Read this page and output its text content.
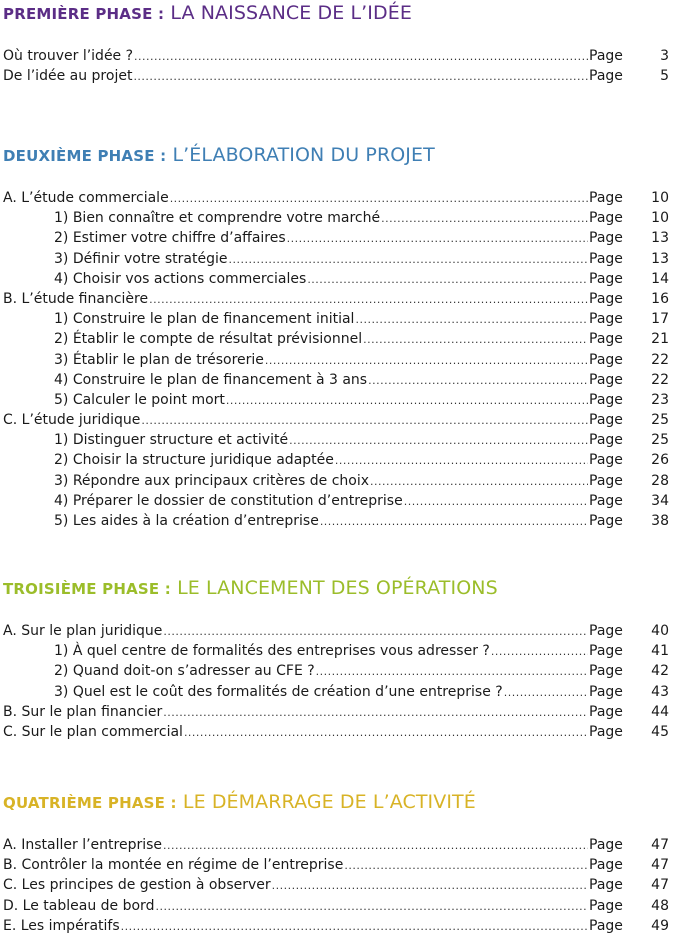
PREMIÈRE PHASE : LA NAISSANCE DE L’IDÉE
Où trouver l’idée ? .....	Page	3
De l’idée au projet .....	Page	5
DEUXIÈME PHASE : L’ÉLABORATION DU PROJET
A. L’étude commerciale .....	Page	10
1) Bien connaître et comprendre votre marché .....	Page	10
2) Estimer votre chiffre d’affaires .....	Page	13
3) Définir votre stratégie .....	Page	13
4) Choisir vos actions commerciales .....	Page	14
B. L’étude financière .....	Page	16
1) Construire le plan de financement initial .....	Page	17
2) Établir le compte de résultat prévisionnel .....	Page	21
3) Établir le plan de trésorerie .....	Page	22
4) Construire le plan de financement à 3 ans .....	Page	22
5) Calculer le point mort .....	Page	23
C. L’étude juridique .....	Page	25
1) Distinguer structure et activité .....	Page	25
2) Choisir la structure juridique adaptée .....	Page	26
3) Répondre aux principaux critères de choix .....	Page	28
4) Préparer le dossier de constitution d’entreprise .....	Page	34
5) Les aides à la création d’entreprise .....	Page	38
TROISIÈME PHASE : LE LANCEMENT DES OPÉRATIONS
A. Sur le plan juridique .....	Page	40
1) À quel centre de formalités des entreprises vous adresser ? .....	Page	41
2) Quand doit-on s’adresser au CFE ? .....	Page	42
3) Quel est le coût des formalités de création d’une entreprise ? .....	Page	43
B. Sur le plan financier .....	Page	44
C. Sur le plan commercial .....	Page	45
QUATRIÈME PHASE : LE DÉMARRAGE DE L’ACTIVITÉ
A. Installer l’entreprise .....	Page	47
B. Contrôler la montée en régime de l’entreprise .....	Page	47
C. Les principes de gestion à observer .....	Page	47
D. Le tableau de bord .....	Page	48
E. Les impératifs .....	Page	49
